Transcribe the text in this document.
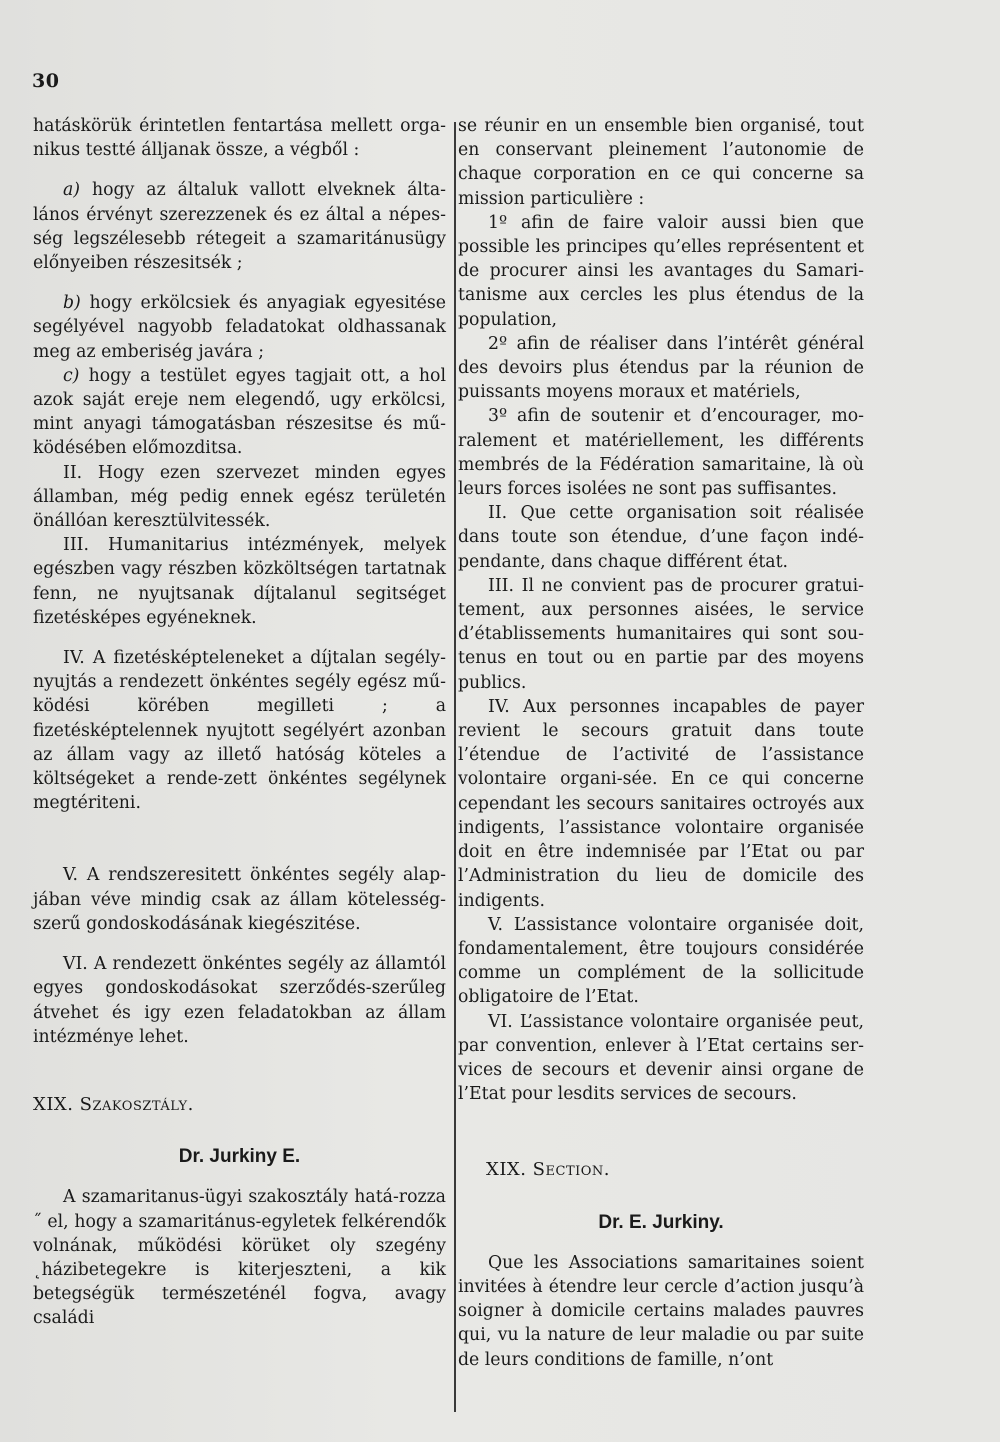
30

hatáskörük érintetlen fentartása mellett orga-nikus testté álljanak össze, a végből :

a) hogy az általuk vallott elveknek álta-lános érvényt szerezzenek és ez által a népes-ség legszélesebb rétegeit a szamaritánusügy előnyeiben részesitsék ;

b) hogy erkölcsiek és anyagiak egyesitése segélyével nagyobb feladatokat oldhassanak meg az emberiség javára ;

c) hogy a testület egyes tagjait ott, a hol azok saját ereje nem elegendő, ugy erkölcsi, mint anyagi támogatásban részesitse és mű-ködésében előmozditsa.

II. Hogy ezen szervezet minden egyes államban, még pedig ennek egész területén önállóan keresztülvitessék.

III. Humanitarius intézmények, melyek egészben vagy részben közköltségen tartatnak fenn, ne nyujtsanak díjtalanul segitséget fizetésképes egyéneknek.

IV. A fizetésképteleneket a díjtalan segély-nyujtás a rendezett önkéntes segély egész mű-ködési körében megilleti ; a fizetésképtelennek nyujtott segélyért azonban az állam vagy az illető hatóság köteles a költségeket a rende-zett önkéntes segélynek megtériteni.

V. A rendszeresitett önkéntes segély alap-jában véve mindig csak az állam kötelesség-szerű gondoskodásának kiegészitése.

VI. A rendezett önkéntes segély az államtól egyes gondoskodásokat szerződés-szerűleg átvehet és igy ezen feladatokban az állam intézménye lehet.

XIX. Szakosztály.

Dr. Jurkiny E.

A szamaritanus-ügyi szakosztály hatá-rozza ˝ el, hogy a szamaritánus-egyletek felkérendők volnának, működési körüket oly szegény ˛házibetegekre is kiterjeszteni, a kik betegségük természeténél fogva, avagy családi

se réunir en un ensemble bien organisé, tout en conservant pleinement l’autonomie de chaque corporation en ce qui concerne sa mission particulière :

1º afin de faire valoir aussi bien que possible les principes qu’elles représentent et de procurer ainsi les avantages du Samari-tanisme aux cercles les plus étendus de la population,

2º afin de réaliser dans l’intérêt général des devoirs plus étendus par la réunion de puissants moyens moraux et matériels,

3º afin de soutenir et d’encourager, mo-ralement et matériellement, les différents membrés de la Fédération samaritaine, là où leurs forces isolées ne sont pas suffisantes.

II. Que cette organisation soit réalisée dans toute son étendue, d’une façon indé-pendante, dans chaque différent état.

III. Il ne convient pas de procurer gratui-tement, aux personnes aisées, le service d’établissements humanitaires qui sont sou-tenus en tout ou en partie par des moyens publics.

IV. Aux personnes incapables de payer revient le secours gratuit dans toute l’étendue de l’activité de l’assistance volontaire organi-sée. En ce qui concerne cependant les secours sanitaires octroyés aux indigents, l’assistance volontaire organisée doit en être indemnisée par l’Etat ou par l’Administration du lieu de domicile des indigents.

V. L’assistance volontaire organisée doit, fondamentalement, être toujours considérée comme un complément de la sollicitude obligatoire de l’Etat.

VI. L’assistance volontaire organisée peut, par convention, enlever à l’Etat certains ser-vices de secours et devenir ainsi organe de l’Etat pour lesdits services de secours.

XIX. Section.

Dr. E. Jurkiny.

Que les Associations samaritaines soient invitées à étendre leur cercle d’action jusqu’à soigner à domicile certains malades pauvres qui, vu la nature de leur maladie ou par suite de leurs conditions de famille, n’ont
